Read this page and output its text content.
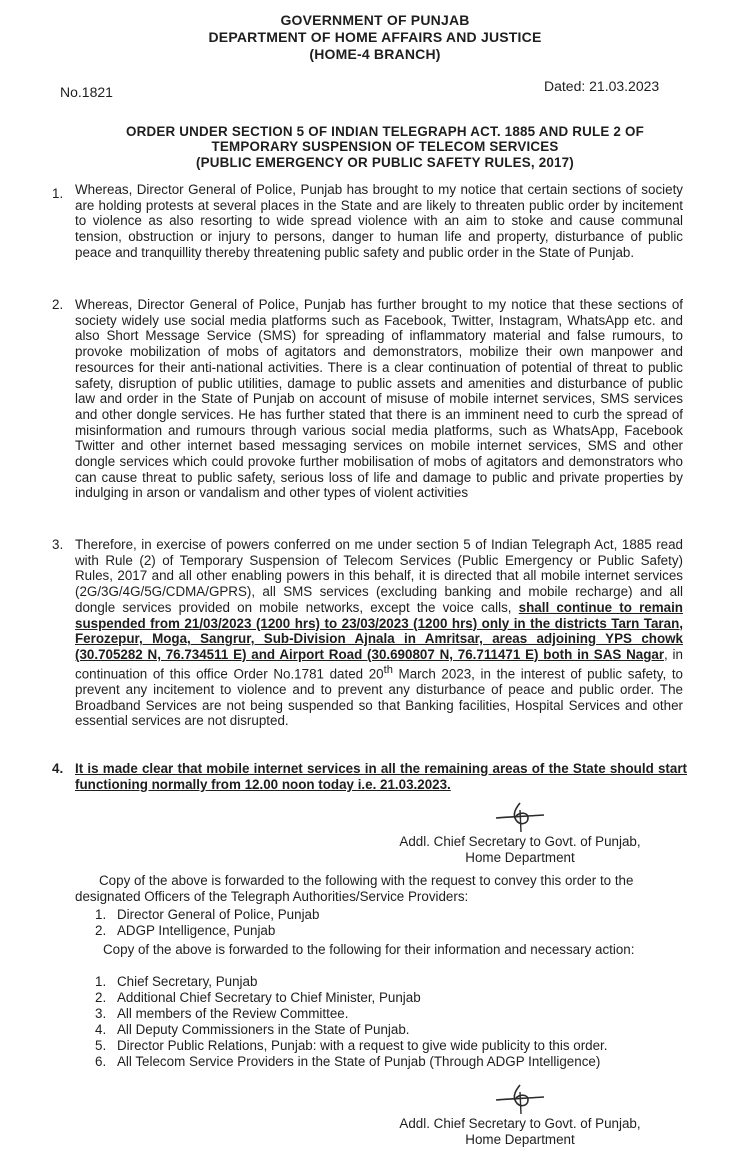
GOVERNMENT OF PUNJAB
DEPARTMENT OF HOME AFFAIRS AND JUSTICE
(HOME-4 BRANCH)
No.1821	Dated: 21.03.2023
ORDER UNDER SECTION 5 OF INDIAN TELEGRAPH ACT. 1885 AND RULE 2 OF
TEMPORARY SUSPENSION OF TELECOM SERVICES
(PUBLIC EMERGENCY OR PUBLIC SAFETY RULES, 2017)
1. Whereas, Director General of Police, Punjab has brought to my notice that certain sections of society are holding protests at several places in the State and are likely to threaten public order by incitement to violence as also resorting to wide spread violence with an aim to stoke and cause communal tension, obstruction or injury to persons, danger to human life and property, disturbance of public peace and tranquillity thereby threatening public safety and public order in the State of Punjab.
2. Whereas, Director General of Police, Punjab has further brought to my notice that these sections of society widely use social media platforms such as Facebook, Twitter, Instagram, WhatsApp etc. and also Short Message Service (SMS) for spreading of inflammatory material and false rumours, to provoke mobilization of mobs of agitators and demonstrators, mobilize their own manpower and resources for their anti-national activities. There is a clear continuation of potential of threat to public safety, disruption of public utilities, damage to public assets and amenities and disturbance of public law and order in the State of Punjab on account of misuse of mobile internet services, SMS services and other dongle services. He has further stated that there is an imminent need to curb the spread of misinformation and rumours through various social media platforms, such as WhatsApp, Facebook Twitter and other internet based messaging services on mobile internet services, SMS and other dongle services which could provoke further mobilisation of mobs of agitators and demonstrators who can cause threat to public safety, serious loss of life and damage to public and private properties by indulging in arson or vandalism and other types of violent activities
3. Therefore, in exercise of powers conferred on me under section 5 of Indian Telegraph Act, 1885 read with Rule (2) of Temporary Suspension of Telecom Services (Public Emergency or Public Safety) Rules, 2017 and all other enabling powers in this behalf, it is directed that all mobile internet services (2G/3G/4G/5G/CDMA/GPRS), all SMS services (excluding banking and mobile recharge) and all dongle services provided on mobile networks, except the voice calls, shall continue to remain suspended from 21/03/2023 (1200 hrs) to 23/03/2023 (1200 hrs) only in the districts Tarn Taran, Ferozepur, Moga, Sangrur, Sub-Division Ajnala in Amritsar, areas adjoining YPS chowk (30.705282 N, 76.734511 E) and Airport Road (30.690807 N, 76.711471 E) both in SAS Nagar, in continuation of this office Order No.1781 dated 20th March 2023, in the interest of public safety, to prevent any incitement to violence and to prevent any disturbance of peace and public order. The Broadband Services are not being suspended so that Banking facilities, Hospital Services and other essential services are not disrupted.
4. It is made clear that mobile internet services in all the remaining areas of the State should start functioning normally from 12.00 noon today i.e. 21.03.2023.
Addl. Chief Secretary to Govt. of Punjab,
Home Department
Copy of the above is forwarded to the following with the request to convey this order to the designated Officers of the Telegraph Authorities/Service Providers:
1. Director General of Police, Punjab
2. ADGP Intelligence, Punjab
Copy of the above is forwarded to the following for their information and necessary action:
1. Chief Secretary, Punjab
2. Additional Chief Secretary to Chief Minister, Punjab
3. All members of the Review Committee.
4. All Deputy Commissioners in the State of Punjab.
5. Director Public Relations, Punjab: with a request to give wide publicity to this order.
6. All Telecom Service Providers in the State of Punjab (Through ADGP Intelligence)
Addl. Chief Secretary to Govt. of Punjab,
Home Department
